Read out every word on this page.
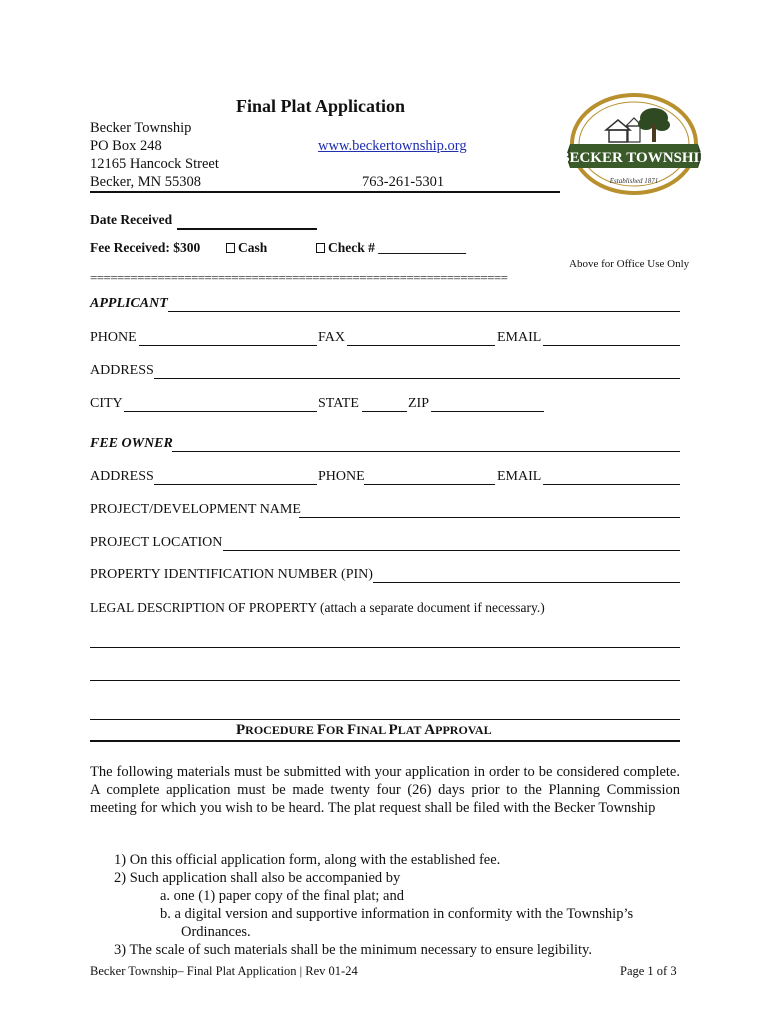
Final Plat Application
Becker Township
PO Box 248
12165 Hancock Street
Becker, MN 55308
www.beckertownship.org
763-261-5301
BECKER TOWNSHIP
Established 1871
Date Received
Fee Received: $300	Cash	Check # _____________
Above for Office Use Only
==============================================================
APPLICANT
PHONE	FAX	EMAIL
ADDRESS
CITY	STATE	ZIP
FEE OWNER
ADDRESS	PHONE	EMAIL
PROJECT/DEVELOPMENT NAME
PROJECT LOCATION
PROPERTY IDENTIFICATION NUMBER (PIN)
LEGAL DESCRIPTION OF PROPERTY (attach a separate document if necessary.)
PROCEDURE FOR FINAL PLAT APPROVAL
The following materials must be submitted with your application in order to be considered complete. A complete application must be made twenty four (26) days prior to the Planning Commission meeting for which you wish to be heard. The plat request shall be filed with the Becker Township
1) On this official application form, along with the established fee.
2) Such application shall also be accompanied by
a. one (1) paper copy of the final plat; and
b. a digital version and supportive information in conformity with the Township’s
Ordinances.
3) The scale of such materials shall be the minimum necessary to ensure legibility.
Becker Township– Final Plat Application | Rev 01-24	Page 1 of 3
